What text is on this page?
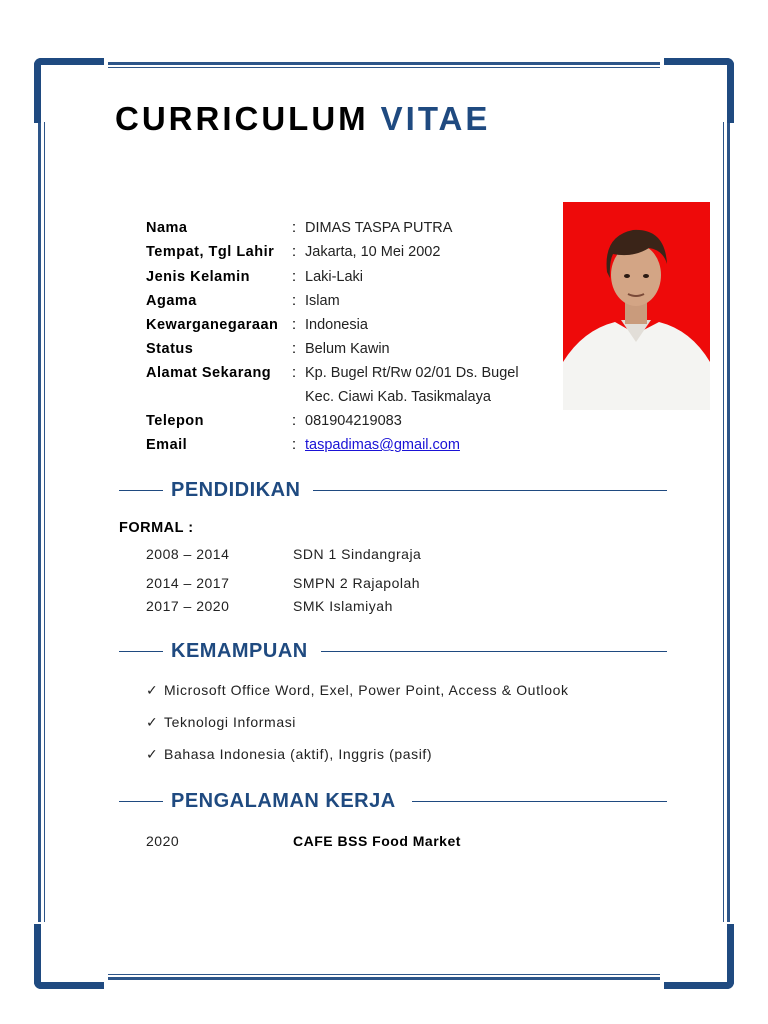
CURRICULUM VITAE
Nama	: DIMAS TASPA PUTRA
Tempat, Tgl Lahir	: Jakarta, 10 Mei 2002
Jenis Kelamin	: Laki-Laki
Agama	: Islam
Kewarganegaraan : Indonesia
Status	: Belum Kawin
Alamat Sekarang	: Kp. Bugel Rt/Rw 02/01 Ds. Bugel
Kec. Ciawi Kab. Tasikmalaya
Telepon	: 081904219083
Email	: taspadimas@gmail.com
PENDIDIKAN
FORMAL :
2008 – 2014	SDN 1 Sindangraja
2014 – 2017	SMPN 2 Rajapolah
2017 – 2020	SMK Islamiyah
KEMAMPUAN
✓ Microsoft Office Word, Exel, Power Point, Access & Outlook
✓ Teknologi Informasi
✓ Bahasa Indonesia (aktif), Inggris (pasif)
PENGALAMAN KERJA
2020	CAFE BSS Food Market
